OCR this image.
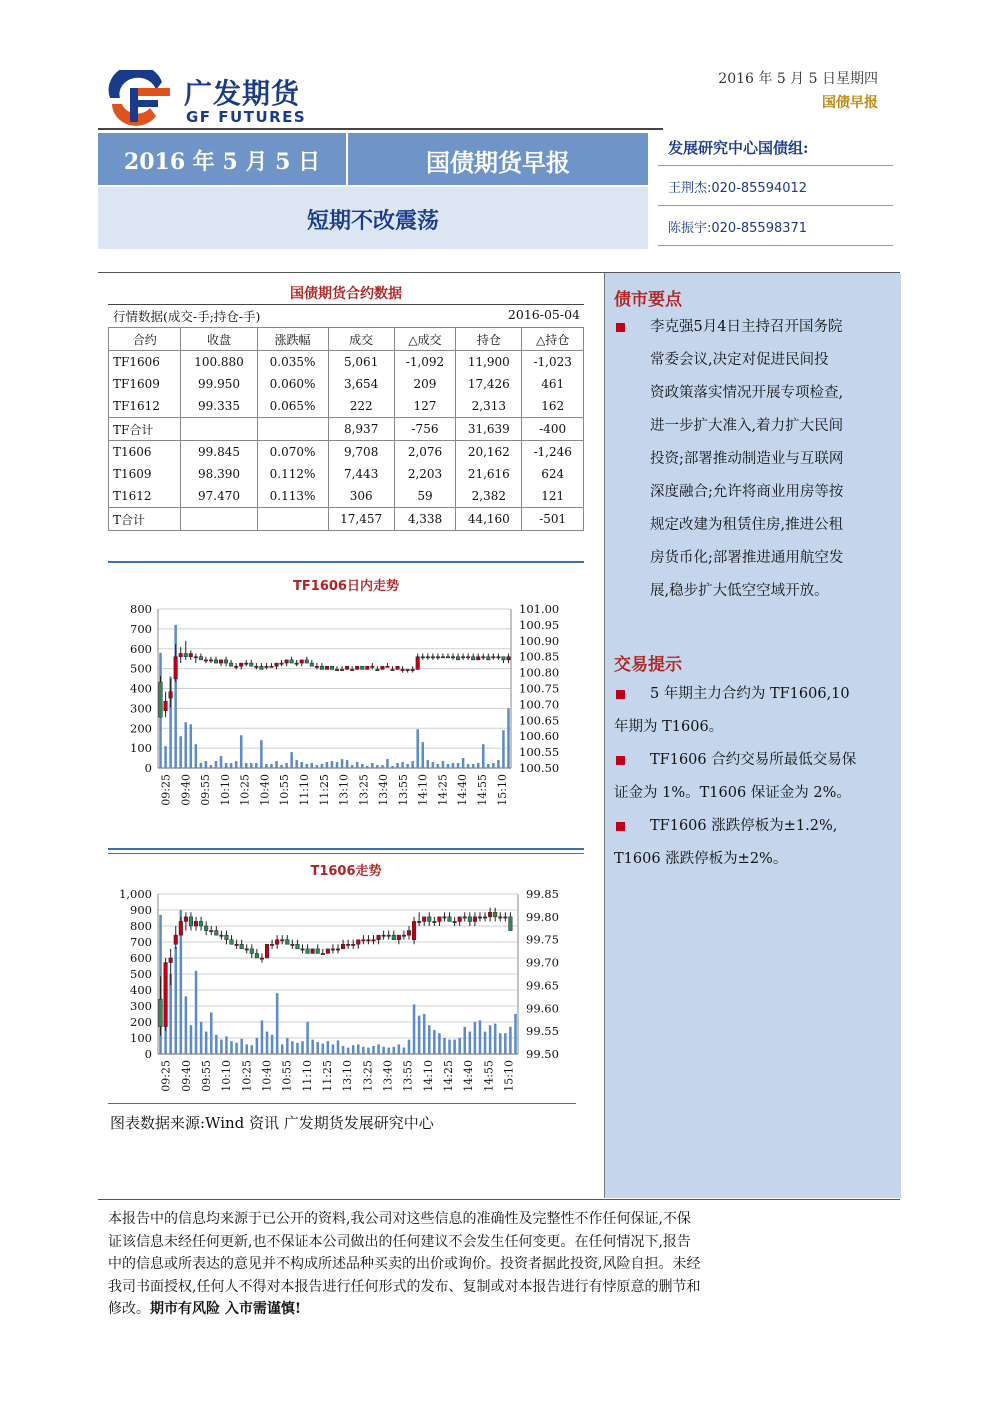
广发期货
GF FUTURES
2016 年 5 月 5 日星期四
国债早报
2016 年 5 月 5 日	国债期货早报
短期不改震荡
发展研究中心国债组:
王荆杰:020-85594012
陈振宇:020-85598371
国债期货合约数据
行情数据(成交-手;持仓-手)	2016-05-04
合约	收盘	涨跌幅	成交	△成交	持仓	△持仓
TF1606	100.880	0.035%	5,061	-1,092	11,900	-1,023
TF1609	99.950	0.060%	3,654	209	17,426	461
TF1612	99.335	0.065%	222	127	2,313	162
TF合计			8,937	-756	31,639	-400
T1606	99.845	0.070%	9,708	2,076	20,162	-1,246
T1609	98.390	0.112%	7,443	2,203	21,616	624
T1612	97.470	0.113%	306	59	2,382	121
T合计			17,457	4,338	44,160	-501
TF1606日内走势
800
700
600
500
400
300
200
100
0
101.00
100.95
100.90
100.85
100.80
100.75
100.70
100.65
100.60
100.55
100.50
09:25 09:40 09:55 10:10 10:25 10:40 10:55 11:10 11:25 13:10 13:25 13:40 13:55 14:10 14:25 14:40 14:55 15:10
T1606走势
1,000
900
800
700
600
500
400
300
200
100
0
99.85
99.80
99.75
99.70
99.65
99.60
99.55
99.50
09:25 09:40 09:55 10:10 10:25 10:40 10:55 11:10 11:25 13:10 13:25 13:40 13:55 14:10 14:25 14:40 14:55 15:10
图表数据来源:Wind 资讯 广发期货发展研究中心
债市要点
李克强5月4日主持召开国务院
常委会议,决定对促进民间投
资政策落实情况开展专项检查,
进一步扩大准入,着力扩大民间
投资;部署推动制造业与互联网
深度融合;允许将商业用房等按
规定改建为租赁住房,推进公租
房货币化;部署推进通用航空发
展,稳步扩大低空空域开放。
交易提示
5 年期主力合约为 TF1606,10
年期为 T1606。
TF1606 合约交易所最低交易保
证金为 1%。T1606 保证金为 2%。
TF1606 涨跌停板为±1.2%,
T1606 涨跌停板为±2%。
本报告中的信息均来源于已公开的资料,我公司对这些信息的准确性及完整性不作任何保证,不保
证该信息未经任何更新,也不保证本公司做出的任何建议不会发生任何变更。在任何情况下,报告
中的信息或所表达的意见并不构成所述品种买卖的出价或询价。投资者据此投资,风险自担。未经
我司书面授权,任何人不得对本报告进行任何形式的发布、复制或对本报告进行有悖原意的删节和
修改。期市有风险 入市需谨慎!
